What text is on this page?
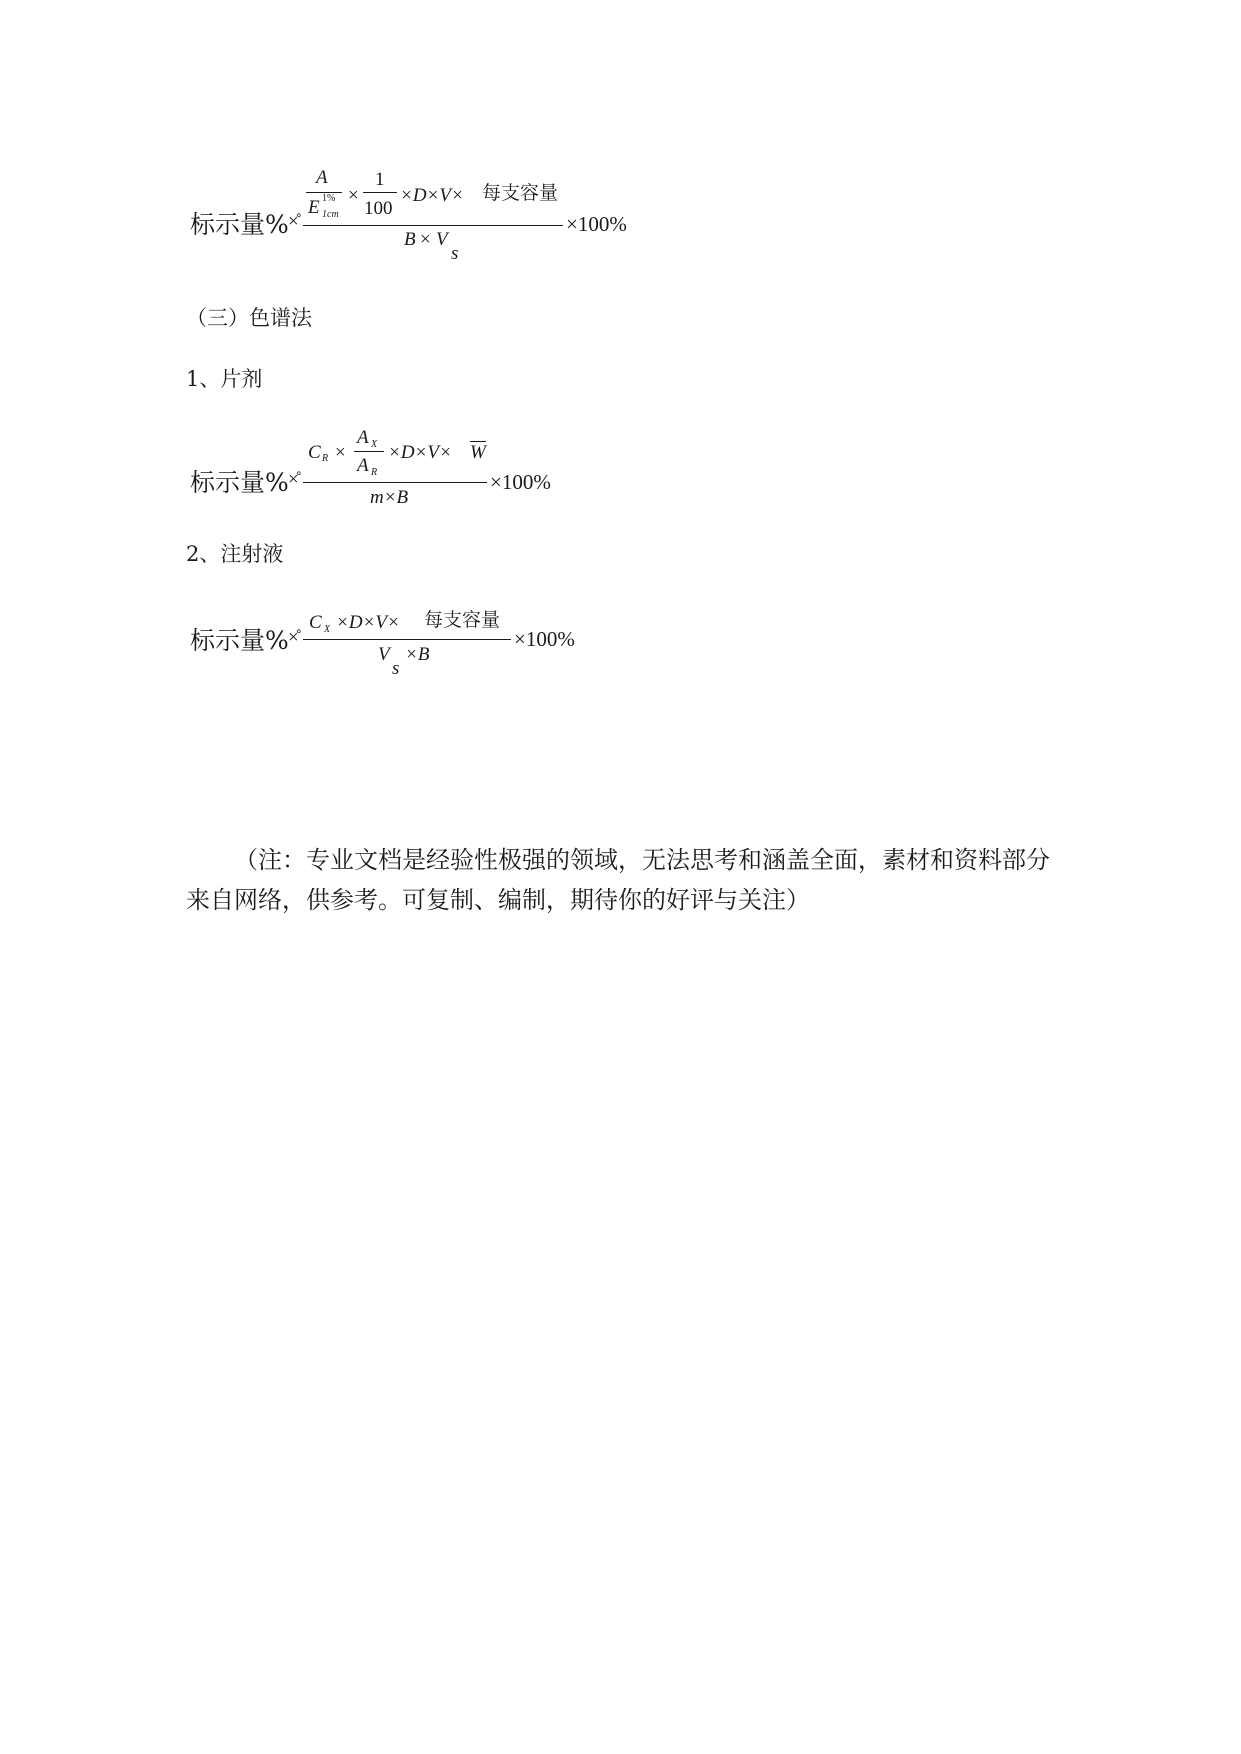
标示量% ×̊
A
E 1%
1cm
×
1
100
×D×V× 每支容量
B × V
s
×100%
（三）色谱法
1、片剂
标示量% ×̊
C R ×
A X
A R
$\times D\times V\times \overline{W}$
m×B
×100%
2、注射液
标示量% ×̊
C X ×D×V× 每支容量
V
s
×B
×100%

（注：专业文档是经验性极强的领域，无法思考和涵盖全面，素材和资料部分来自网络，供参考。可复制、编制，期待你的好评与关注）
